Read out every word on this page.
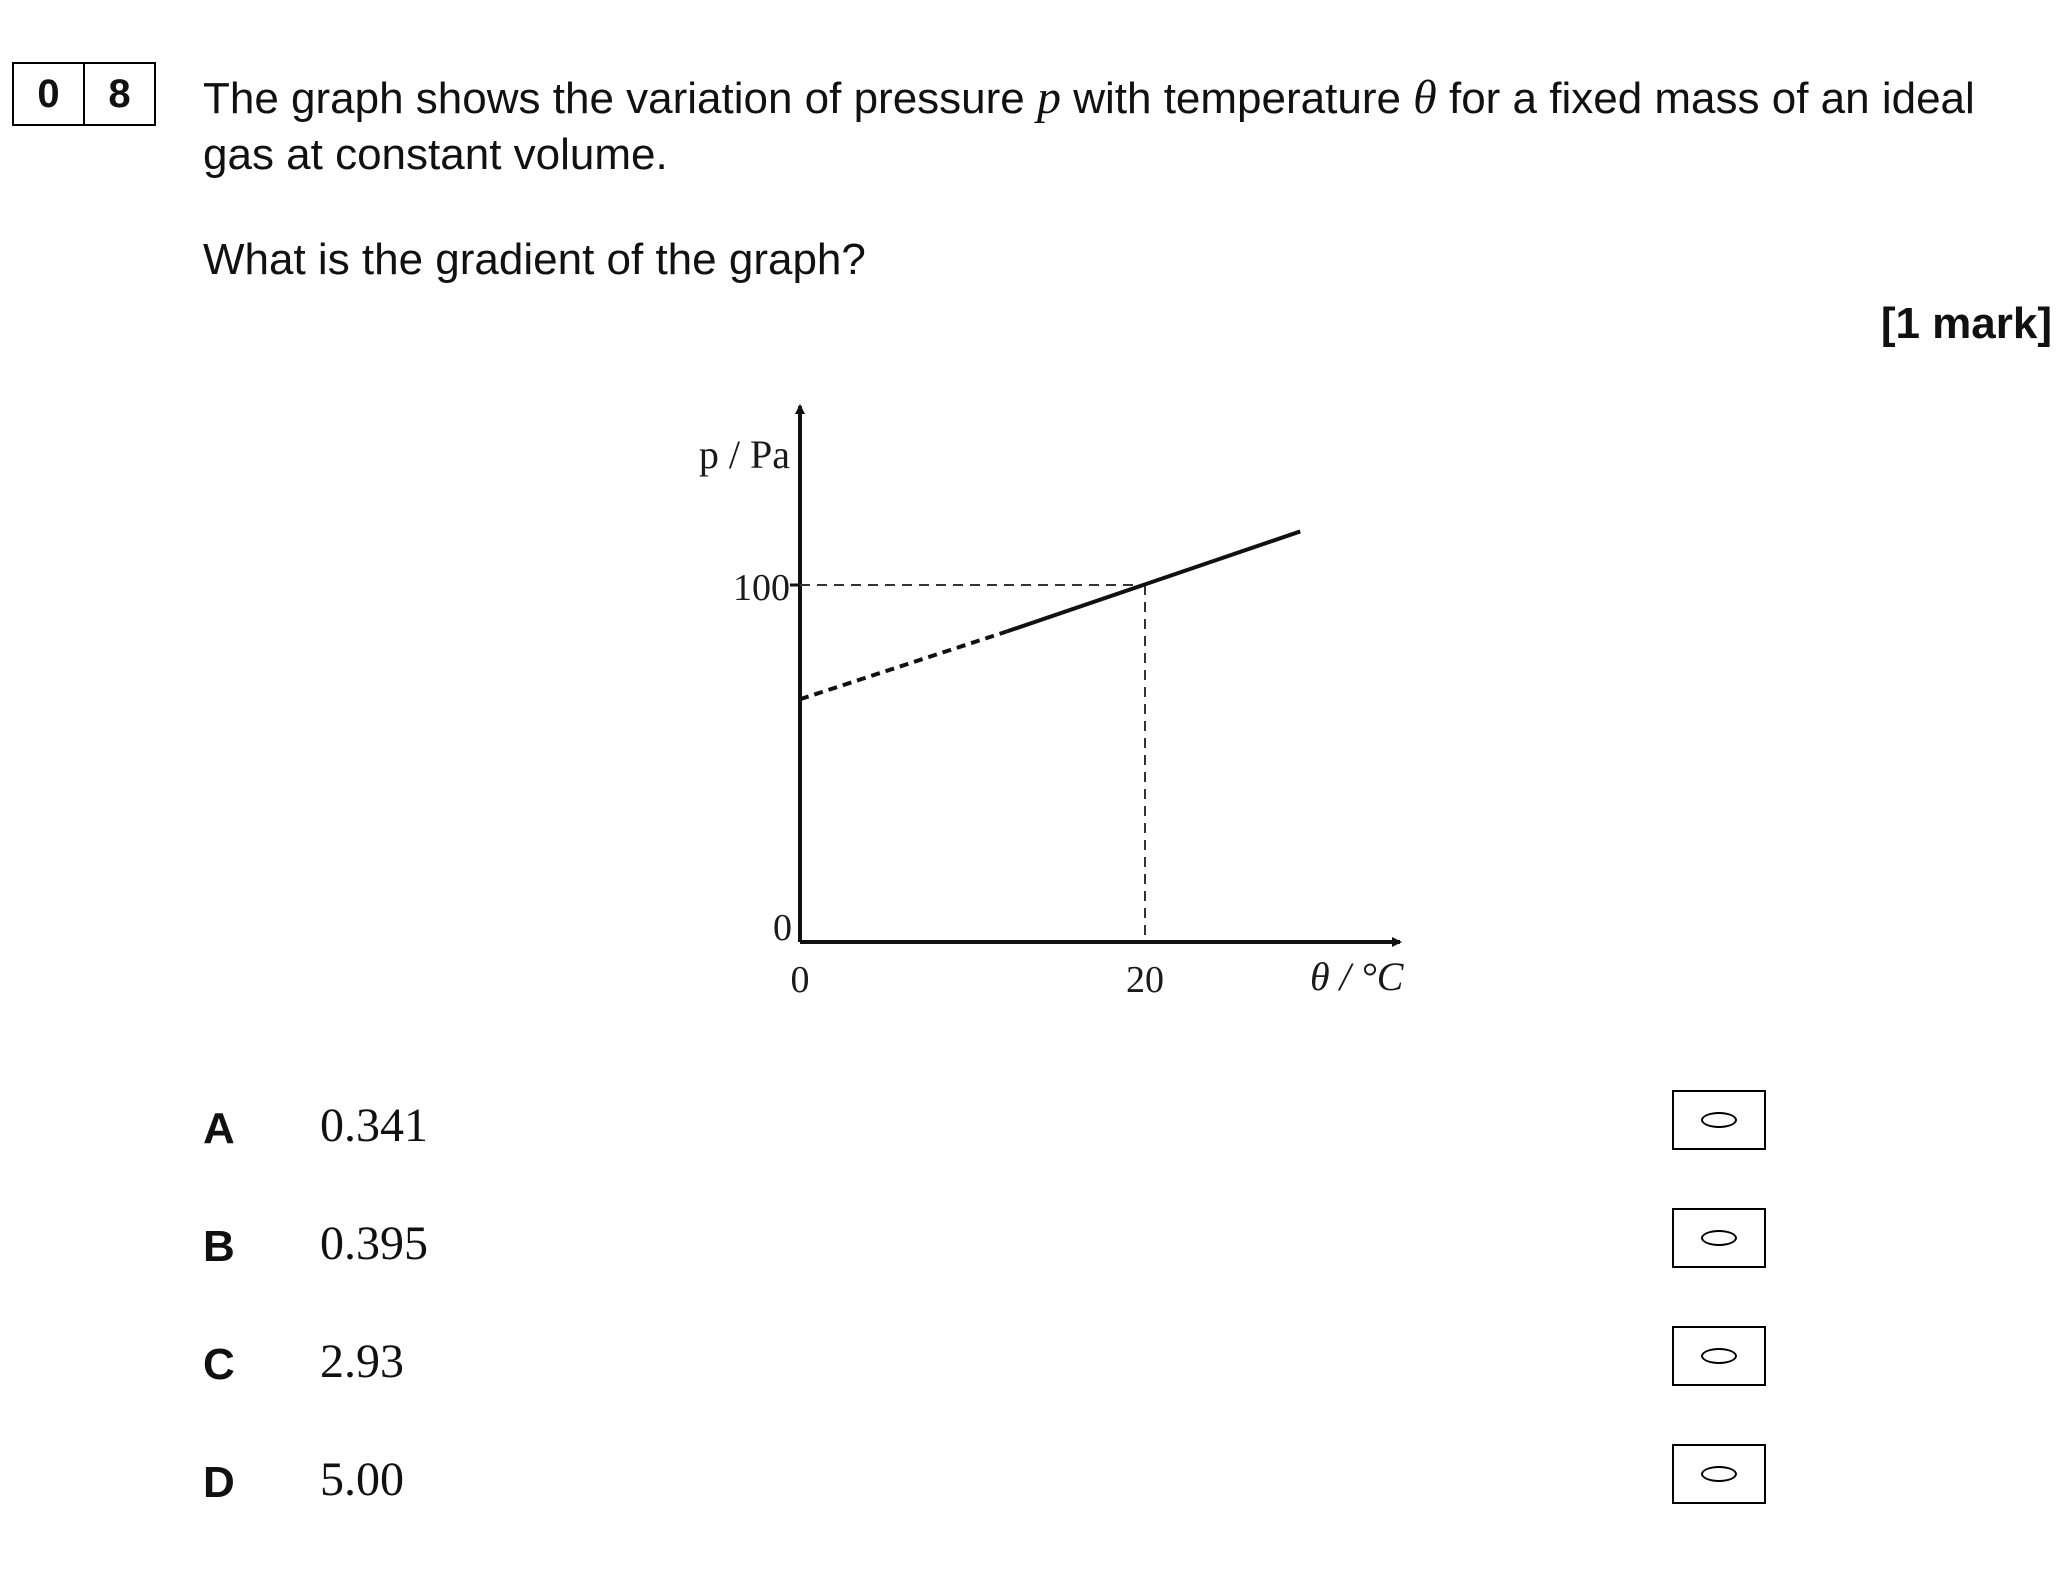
0	8	The graph shows the variation of pressure p with temperature θ for a fixed mass of an ideal gas at constant volume.
What is the gradient of the graph?
[1 mark]
p / Pa
θ / °C
0
100
0	20
A 0.341
B 0.395
C 2.93
D 5.00
